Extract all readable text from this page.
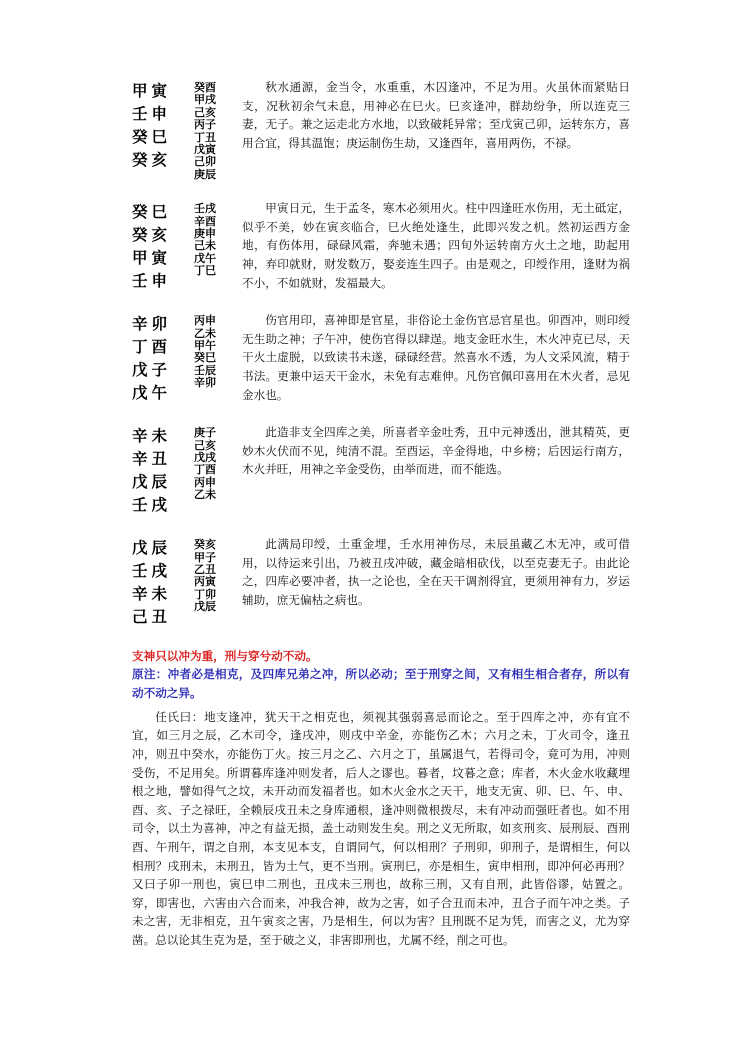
甲寅
壬申
癸巳
癸亥
癸
甲
己
丙
丁
戊
己
庚
酉
戌
亥
子
丑
寅
卯
辰
秋水通源，金当令，水重重，木囚逢冲，不足为用。火虽休而紧贴日支，况秋初余气未息，用神必在巳火。巳亥逢冲，群劫纷争，所以连克三妻，无子。兼之运走北方水地，以致破耗异常；至戊寅己卯，运转东方，喜用合宜，得其温饱；庚运制伤生劫，又逢酉年，喜用两伤，不禄。
癸巳
癸亥
甲寅
壬申
壬
辛
庚
己
戊
丁
戌
酉
申
未
午
巳
甲寅日元，生于孟冬，寒木必须用火。柱中四逢旺水伤用，无土砥定，似乎不美，妙在寅亥临合，巳火绝处逢生，此即兴发之机。然初运西方金地，有伤体用，碌碌风霜，奔驰未遇；四旬外运转南方火土之地，助起用神，弃印就财，财发数万，娶妾连生四子。由是观之，印绶作用，逢财为祸不小，不如就财，发福最大。
辛卯
丁酉
戊子
戊午
丙
乙
甲
癸
壬
辛
申
未
午
巳
辰
卯
伤官用印，喜神即是官星，非俗论土金伤官忌官星也。卯酉冲，则印绶无生助之神；子午冲，使伤官得以肆逞。地支金旺水生，木火冲克已尽，天干火土虚脱，以致读书未遂，碌碌经营。然喜水不透，为人文采风流，精于书法。更兼中运天干金水，未免有志难伸。凡伤官佩印喜用在木火者，忌见金水也。
辛未
辛丑
戊辰
壬戌
庚
己
戊
丁
丙
乙
子
亥
戌
酉
申
未
此造非支全四库之美，所喜者辛金吐秀，丑中元神透出，泄其精英，更妙木火伏而不见，纯清不混。至酉运，辛金得地，中乡榜；后因运行南方，木火并旺，用神之辛金受伤，由举而进，而不能选。
戊辰
壬戌
辛未
己丑
癸
甲
乙
丙
丁
戊
亥
子
丑
寅
卯
辰
此满局印绶，土重金埋，壬水用神伤尽，未辰虽藏乙木无冲，或可借用，以待运来引出，乃被丑戌冲破，藏金暗相砍伐，以至克妻无子。由此论之，四库必要冲者，执一之论也，全在天干调剂得宜，更须用神有力，岁运辅助，庶无偏枯之病也。
支神只以冲为重，刑与穿兮动不动。
原注：冲者必是相克，及四库兄弟之冲，所以必动；至于刑穿之间，又有相生相合者存，所以有动不动之异。
任氏曰：地支逢冲，犹天干之相克也，须视其强弱喜忌而论之。至于四库之冲，亦有宜不宜，如三月之辰，乙木司令，逢戌冲，则戌中辛金，亦能伤乙木；六月之未，丁火司令，逢丑冲，则丑中癸水，亦能伤丁火。按三月之乙、六月之丁，虽属退气，若得司令，竟可为用，冲则受伤，不足用矣。所谓暮库逢冲则发者，后人之谬也。暮者，坟暮之意；库者，木火金水收藏埋根之地，譬如得气之坟，未开动而发福者也。如木火金水之天干，地支无寅、卯、巳、午、申、酉、亥、子之禄旺，全赖辰戌丑未之身库通根，逢冲则微根拨尽，未有冲动而强旺者也。如不用司令，以土为喜神，冲之有益无损，盖土动则发生矣。刑之义无所取，如亥刑亥、辰刑辰、酉刑酉、午刑午，谓之自刑，本支见本支，自谓同气，何以相刑？子刑卯，卯刑子，是谓相生，何以相刑？戌刑未，未刑丑，皆为土气，更不当刑。寅刑巳，亦是相生，寅申相刑，即冲何必再刑？又曰子卯一刑也，寅巳申二刑也，丑戌未三刑也，故称三刑，又有自刑，此皆俗谬，姑置之。穿，即害也，六害由六合而来，冲我合神，故为之害，如子合丑而未冲，丑合子而午冲之类。子未之害，无非相克，丑午寅亥之害，乃是相生，何以为害？且刑既不足为凭，而害之义，尤为穿凿。总以论其生克为是，至于破之义，非害即刑也，尤属不经，削之可也。
